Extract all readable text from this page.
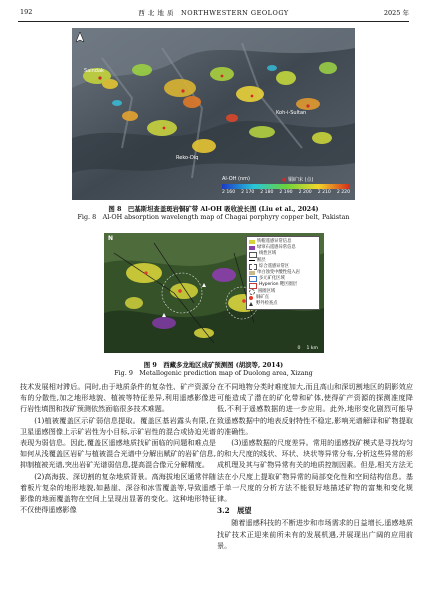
192	西 北 地 质　 NORTHWESTERN GEOLOGY	2025 年
Saindak
Reko-Diq
Koh-i-Sultan
Al-OH (nm)	● 铜矿床 (点)
2 160 2 170 2 180 2 190 2 200 2 210 2 220
图 8　巴基斯坦查盖斑岩铜矿带 Al-OH 吸收波长图 (Liu et al., 2024)
Fig. 8　Al-OH absorption wavelength map of Chagai porphyry copper belt, Pakistan
N	铁帽遥感异常信息
绿帘石遥感异常信息
线性区域
断层
综合遥感异常区
单白蚀变中酸性侵入岩
多元矿化区域
Hyperion 靶区圈层
圆圈区域
铜矿点
野外检查点
0　 1 km
图 9　西藏多龙地区成矿预测图 (胡滨等, 2014)
Fig. 9　Metallogenic prediction map of Duolong area, Xizang

技术发展相对滞后。同时,由于地质条件的复杂性、矿产资源分布的分散性,加之地形地貌、植被等特征差异,利用遥感影像进行岩性填图和找矿预测依然面临很多技术难题。

(1)植被覆盖区示矿弱信息提取。覆盖区基岩露头有限,在卫星遥感图像上示矿岩性为小目标,示矿岩性的混合或协迫光谱表现为弱信息。因此,覆盖区遥感地质找矿面临的问题和难点是如何从浅覆盖区岩矿与植被混合光谱中分解出赋矿的岩矿信息,抑制植被光谱,突出岩矿光谱弱信息,提高混合像元分解精度。

(2)高海拔、深切割的复杂地质背景。高海拔地区通常伴随着板片复杂的地形地貌,如悬崖、深谷和冰雪覆盖等,导致遥感影像的地面覆盖物在空间上呈现出显著的变化。这种地形特征不仅使得遥感影像

在不同地物分类时难度加大,而且高山和深切割地区的阴影效应可能造成了潜在的矿化带和矿体,使得矿产资源的探测准度降低,不利于遥感数据的进一步应用。此外,地形变化剧烈可能导致遥感数据中的地表反射特性不稳定,影响光谱解译和矿物提取的准确性。

(3)遥感数据的尺度差异。常用的遥感找矿模式是寻找均匀的和大尺度的线状、环状、块状等异常分布,分析这些异常的形成机理及其与矿物异常有关的地质控制因素。但是,相关方法无法在小尺度上提取矿物异常的局部变化性和空间结构信息。基于单一尺度的分析方法不能很好地描述矿物的富集和变化规律。

3.2　展望

随着遥感科技的不断进步和市场需求的日益增长,遥感地质找矿技术正迎来前所未有的发展机遇,并展现出广阔的应用前景。
